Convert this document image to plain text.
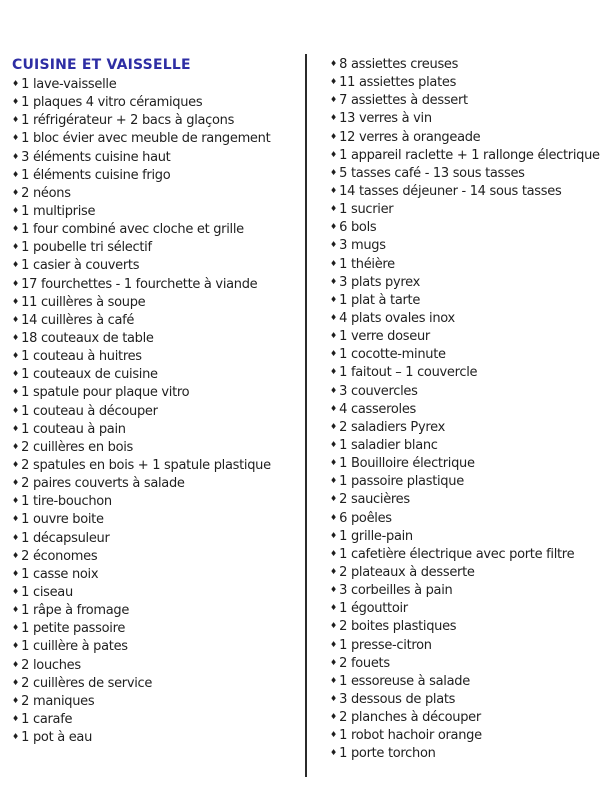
CUISINE ET VAISSELLE
♦ 1 lave-vaisselle
♦ 1 plaques 4 vitro céramiques
♦ 1 réfrigérateur + 2 bacs à glaçons
♦ 1 bloc évier avec meuble de rangement
♦ 3 éléments cuisine haut
♦ 1 éléments cuisine frigo
♦ 2 néons
♦ 1 multiprise
♦ 1 four combiné avec cloche et grille
♦ 1 poubelle tri sélectif
♦ 1 casier à couverts
♦ 17 fourchettes - 1 fourchette à viande
♦ 11 cuillères à soupe
♦ 14 cuillères à café
♦ 18 couteaux de table
♦ 1 couteau à huitres
♦ 1 couteaux de cuisine
♦ 1 spatule pour plaque vitro
♦ 1 couteau à découper
♦ 1 couteau à pain
♦ 2 cuillères en bois
♦ 2 spatules en bois + 1 spatule plastique
♦ 2 paires couverts à salade
♦ 1 tire-bouchon
♦ 1 ouvre boite
♦ 1 décapsuleur
♦ 2 économes
♦ 1 casse noix
♦ 1 ciseau
♦ 1 râpe à fromage
♦ 1 petite passoire
♦ 1 cuillère à pates
♦ 2 louches
♦ 2 cuillères de service
♦ 2 maniques
♦ 1 carafe
♦ 1 pot à eau
♦ 8 assiettes creuses
♦ 11 assiettes plates
♦ 7 assiettes à dessert
♦ 13 verres à vin
♦ 12 verres à orangeade
♦ 1 appareil raclette + 1 rallonge électrique
♦ 5 tasses café - 13 sous tasses
♦ 14 tasses déjeuner - 14 sous tasses
♦ 1 sucrier
♦ 6 bols
♦ 3 mugs
♦ 1 théière
♦ 3 plats pyrex
♦ 1 plat à tarte
♦ 4 plats ovales inox
♦ 1 verre doseur
♦ 1 cocotte-minute
♦ 1 faitout – 1 couvercle
♦ 3 couvercles
♦ 4 casseroles
♦ 2 saladiers Pyrex
♦ 1 saladier blanc
♦ 1 Bouilloire électrique
♦ 1 passoire plastique
♦ 2 saucières
♦ 6 poêles
♦ 1 grille-pain
♦ 1 cafetière électrique avec porte filtre
♦ 2 plateaux à desserte
♦ 3 corbeilles à pain
♦ 1 égouttoir
♦ 2 boites plastiques
♦ 1 presse-citron
♦ 2 fouets
♦ 1 essoreuse à salade
♦ 3 dessous de plats
♦ 2 planches à découper
♦ 1 robot hachoir orange
♦ 1 porte torchon
